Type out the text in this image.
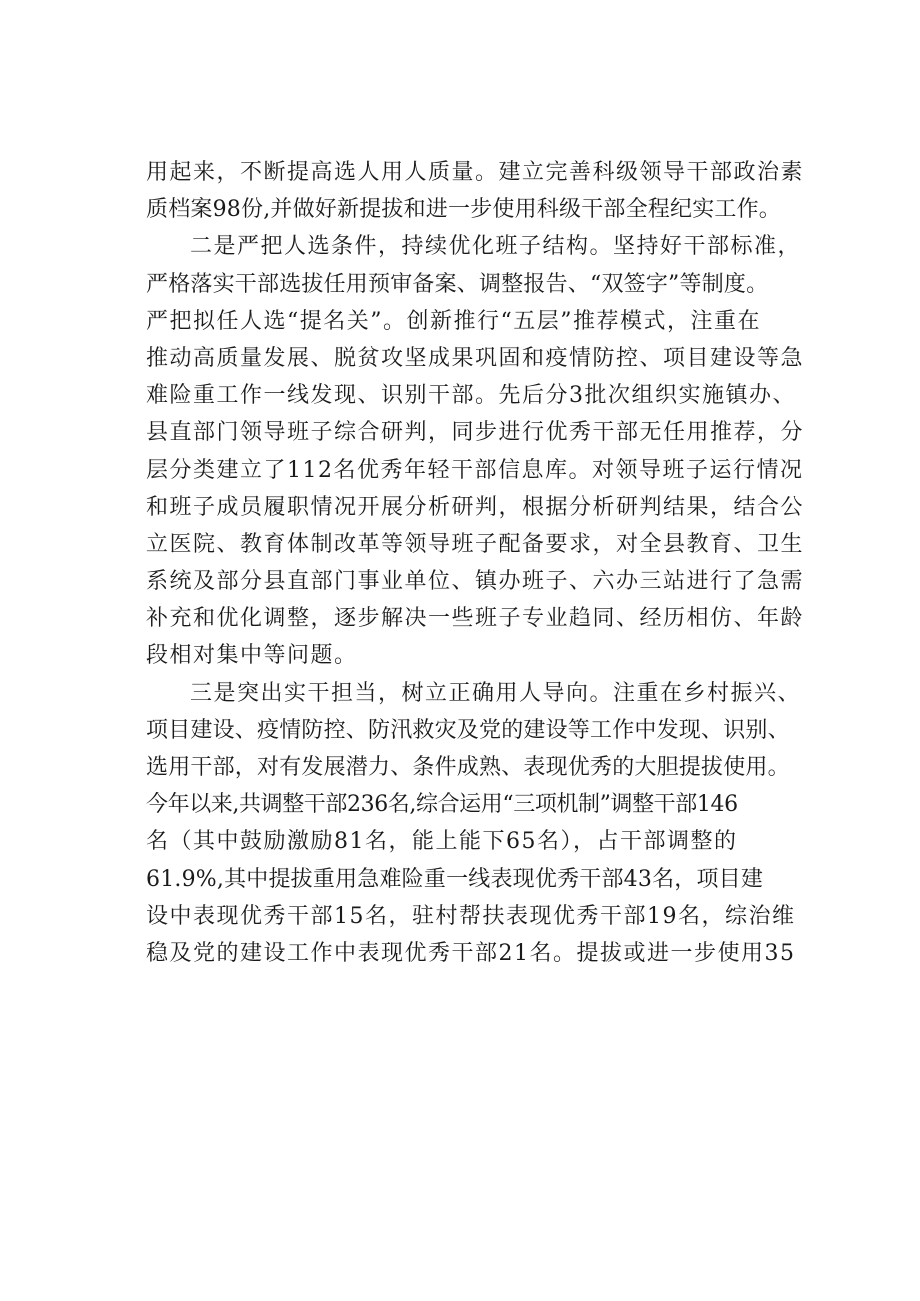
用起来，不断提高选人用人质量。建立完善科级领导干部政治素
质档案98份,并做好新提拔和进一步使用科级干部全程纪实工作。
二是严把人选条件，持续优化班子结构。坚持好干部标准，
严格落实干部选拔任用预审备案、调整报告、“双签字”等制度。
严把拟任人选“提名关”。创新推行“五层”推荐模式，注重在
推动高质量发展、脱贫攻坚成果巩固和疫情防控、项目建设等急
难险重工作一线发现、识别干部。先后分3批次组织实施镇办、
县直部门领导班子综合研判，同步进行优秀干部无任用推荐，分
层分类建立了112名优秀年轻干部信息库。对领导班子运行情况
和班子成员履职情况开展分析研判，根据分析研判结果，结合公
立医院、教育体制改革等领导班子配备要求，对全县教育、卫生
系统及部分县直部门事业单位、镇办班子、六办三站进行了急需
补充和优化调整，逐步解决一些班子专业趋同、经历相仿、年龄
段相对集中等问题。
三是突出实干担当，树立正确用人导向。注重在乡村振兴、
项目建设、疫情防控、防汛救灾及党的建设等工作中发现、识别、
选用干部，对有发展潜力、条件成熟、表现优秀的大胆提拔使用。
今年以来,共调整干部236名,综合运用“三项机制”调整干部146
名（其中鼓励激励81名，能上能下65名），占干部调整的
61.9%,其中提拔重用急难险重一线表现优秀干部43名，项目建
设中表现优秀干部15名，驻村帮扶表现优秀干部19名，综治维
稳及党的建设工作中表现优秀干部21名。提拔或进一步使用35
